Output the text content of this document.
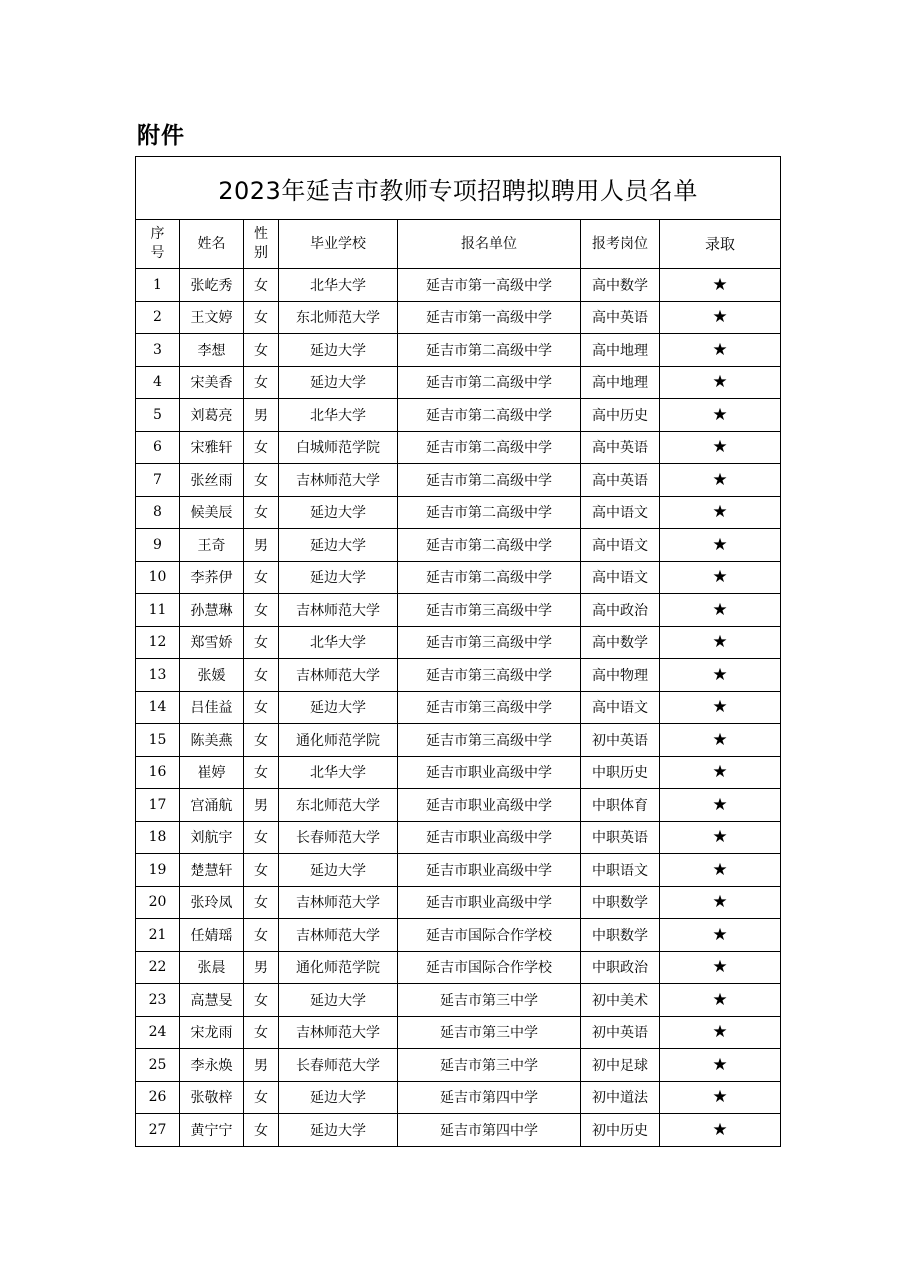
附件
2023年延吉市教师专项招聘拟聘用人员名单						
序号	姓名	性别	毕业学校	报名单位	报考岗位	录取
1	张屹秀	女	北华大学	延吉市第一高级中学	高中数学	★
2	王文婷	女	东北师范大学	延吉市第一高级中学	高中英语	★
3	李想	女	延边大学	延吉市第二高级中学	高中地理	★
4	宋美香	女	延边大学	延吉市第二高级中学	高中地理	★
5	刘葛亮	男	北华大学	延吉市第二高级中学	高中历史	★
6	宋雅轩	女	白城师范学院	延吉市第二高级中学	高中英语	★
7	张丝雨	女	吉林师范大学	延吉市第二高级中学	高中英语	★
8	候美辰	女	延边大学	延吉市第二高级中学	高中语文	★
9	王奇	男	延边大学	延吉市第二高级中学	高中语文	★
10	李荞伊	女	延边大学	延吉市第二高级中学	高中语文	★
11	孙慧琳	女	吉林师范大学	延吉市第三高级中学	高中政治	★
12	郑雪娇	女	北华大学	延吉市第三高级中学	高中数学	★
13	张媛	女	吉林师范大学	延吉市第三高级中学	高中物理	★
14	吕佳益	女	延边大学	延吉市第三高级中学	高中语文	★
15	陈美燕	女	通化师范学院	延吉市第三高级中学	初中英语	★
16	崔婷	女	北华大学	延吉市职业高级中学	中职历史	★
17	宫涌航	男	东北师范大学	延吉市职业高级中学	中职体育	★
18	刘航宇	女	长春师范大学	延吉市职业高级中学	中职英语	★
19	楚慧轩	女	延边大学	延吉市职业高级中学	中职语文	★
20	张玲凤	女	吉林师范大学	延吉市职业高级中学	中职数学	★
21	任婧瑶	女	吉林师范大学	延吉市国际合作学校	中职数学	★
22	张晨	男	通化师范学院	延吉市国际合作学校	中职政治	★
23	高慧旻	女	延边大学	延吉市第三中学	初中美术	★
24	宋龙雨	女	吉林师范大学	延吉市第三中学	初中英语	★
25	李永焕	男	长春师范大学	延吉市第三中学	初中足球	★
26	张敬梓	女	延边大学	延吉市第四中学	初中道法	★
27	黄宁宁	女	延边大学	延吉市第四中学	初中历史	★
